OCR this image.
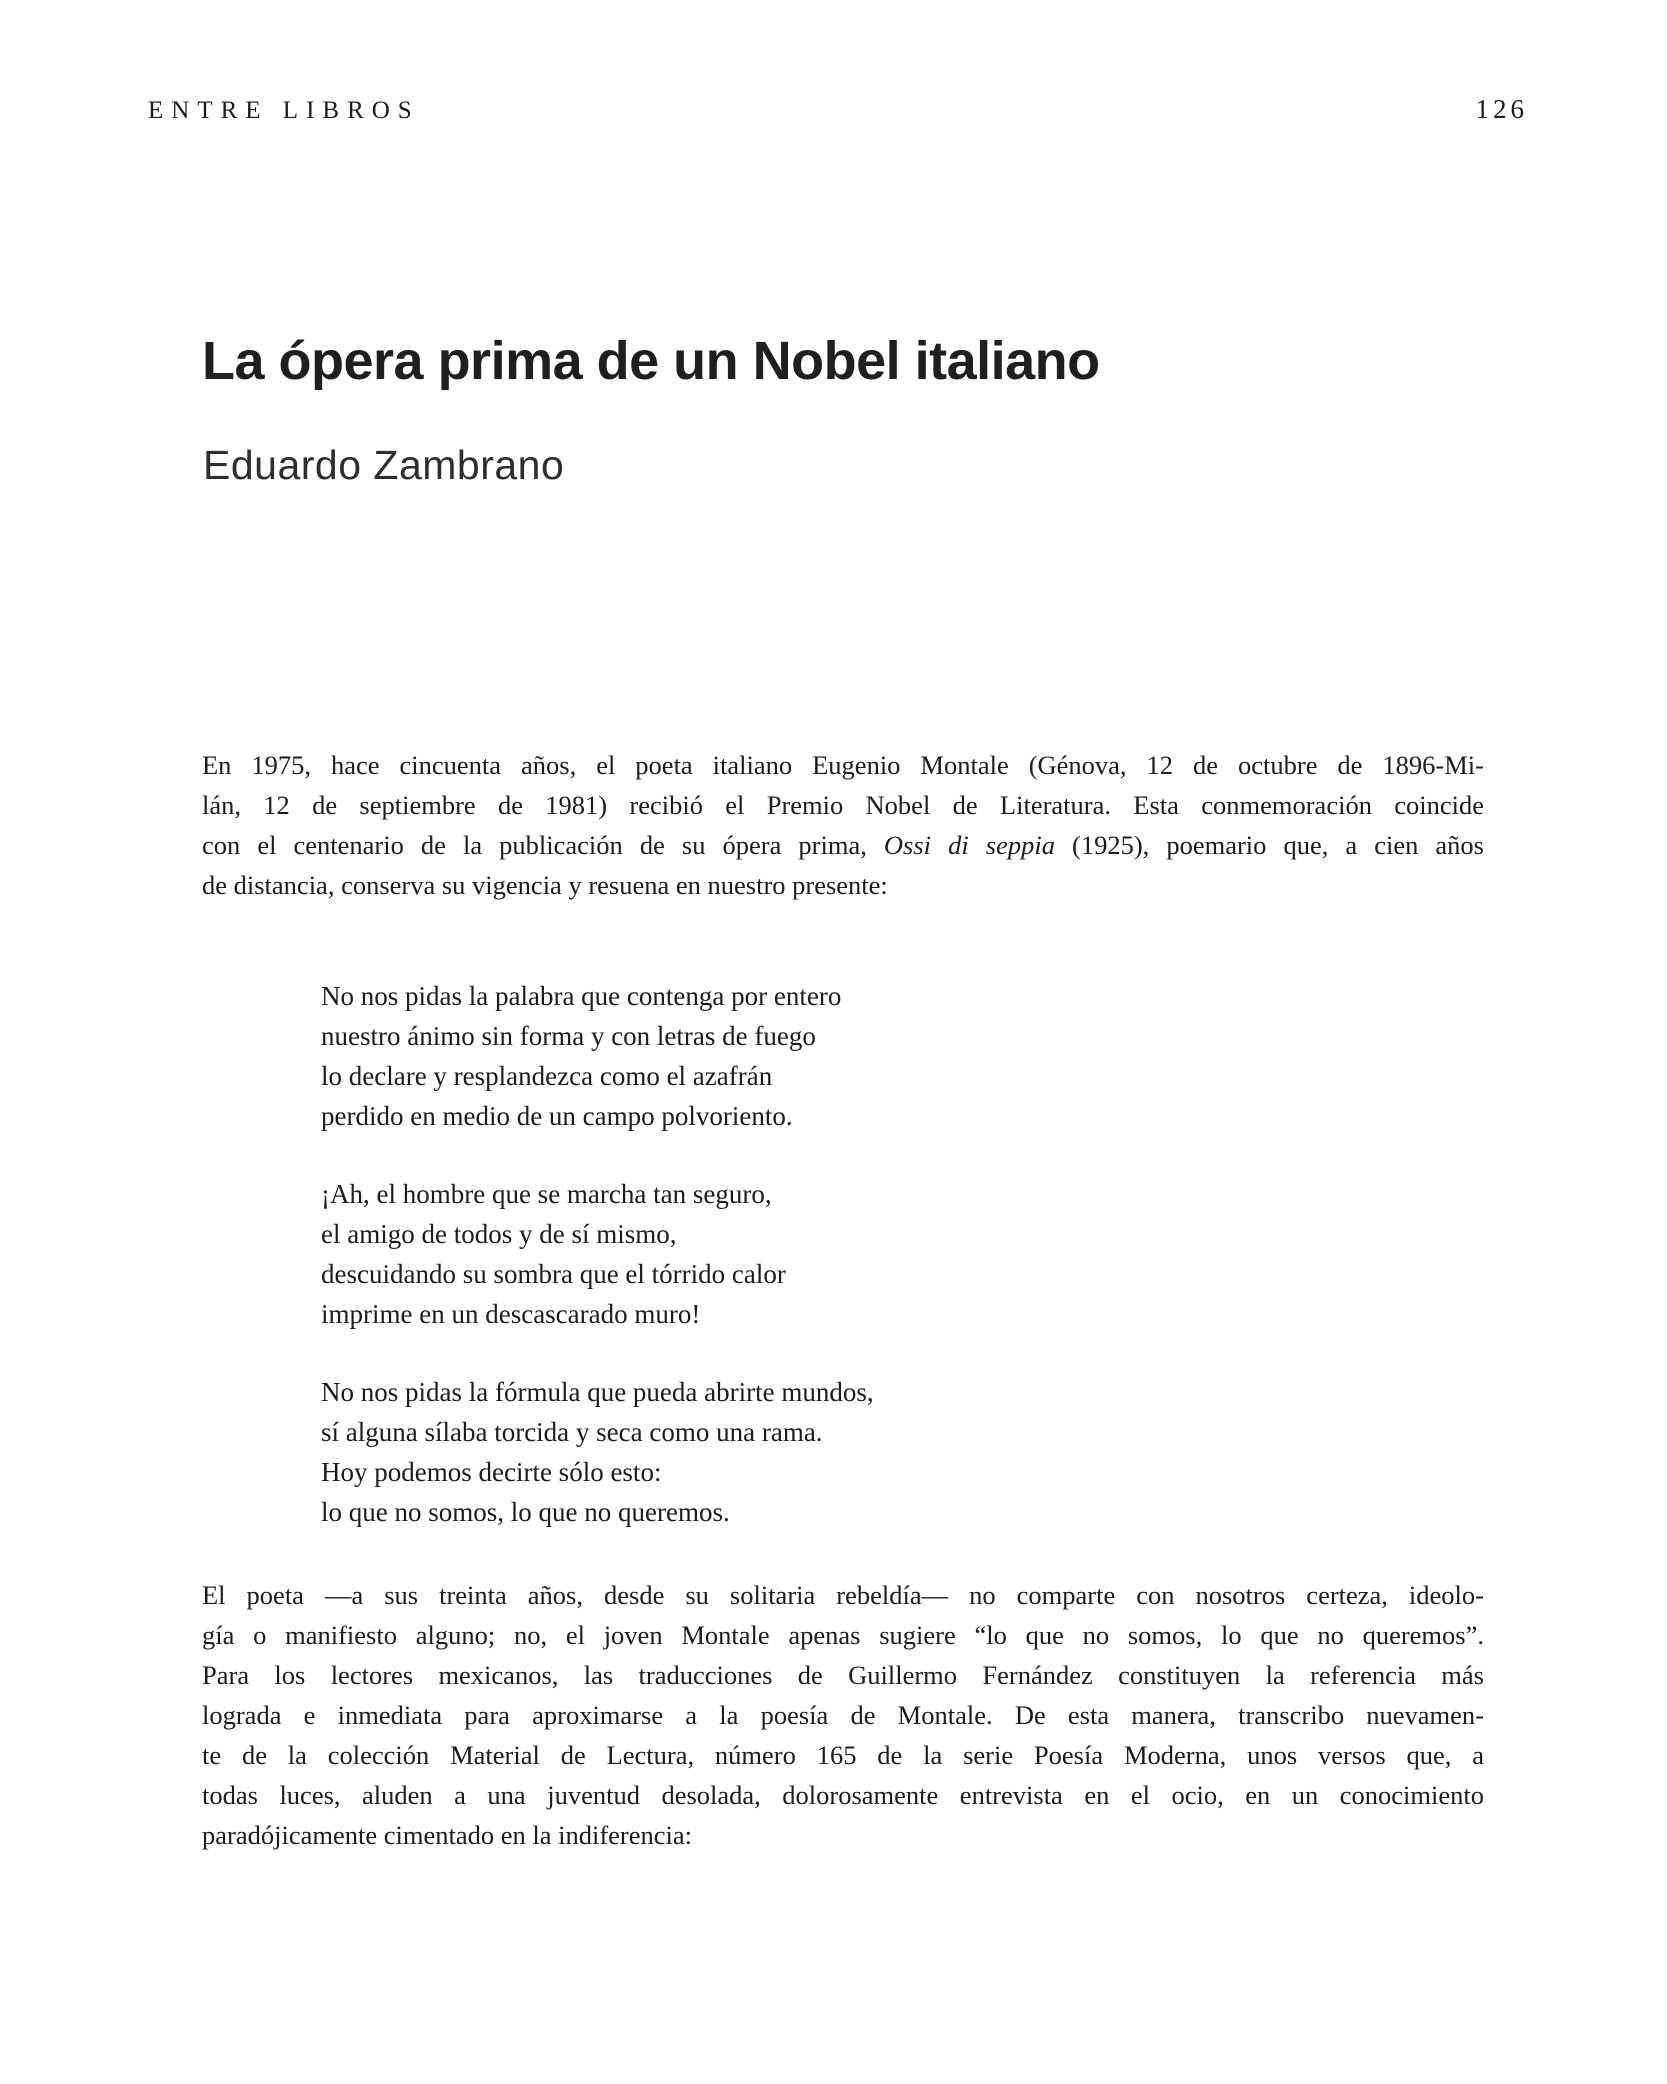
ENTRE LIBROS	126
La ópera prima de un Nobel italiano
Eduardo Zambrano
En 1975, hace cincuenta años, el poeta italiano Eugenio Montale (Génova, 12 de octubre de 1896-Mi-
lán, 12 de septiembre de 1981) recibió el Premio Nobel de Literatura. Esta conmemoración coincide
con el centenario de la publicación de su ópera prima, Ossi di seppia (1925), poemario que, a cien años
de distancia, conserva su vigencia y resuena en nuestro presente:
No nos pidas la palabra que contenga por entero
nuestro ánimo sin forma y con letras de fuego
lo declare y resplandezca como el azafrán
perdido en medio de un campo polvoriento.
¡Ah, el hombre que se marcha tan seguro,
el amigo de todos y de sí mismo,
descuidando su sombra que el tórrido calor
imprime en un descascarado muro!
No nos pidas la fórmula que pueda abrirte mundos,
sí alguna sílaba torcida y seca como una rama.
Hoy podemos decirte sólo esto:
lo que no somos, lo que no queremos.
El poeta —a sus treinta años, desde su solitaria rebeldía— no comparte con nosotros certeza, ideolo-
gía o manifiesto alguno; no, el joven Montale apenas sugiere “lo que no somos, lo que no queremos”.
Para los lectores mexicanos, las traducciones de Guillermo Fernández constituyen la referencia más
lograda e inmediata para aproximarse a la poesía de Montale. De esta manera, transcribo nuevamen-
te de la colección Material de Lectura, número 165 de la serie Poesía Moderna, unos versos que, a
todas luces, aluden a una juventud desolada, dolorosamente entrevista en el ocio, en un conocimiento
paradójicamente cimentado en la indiferencia:
